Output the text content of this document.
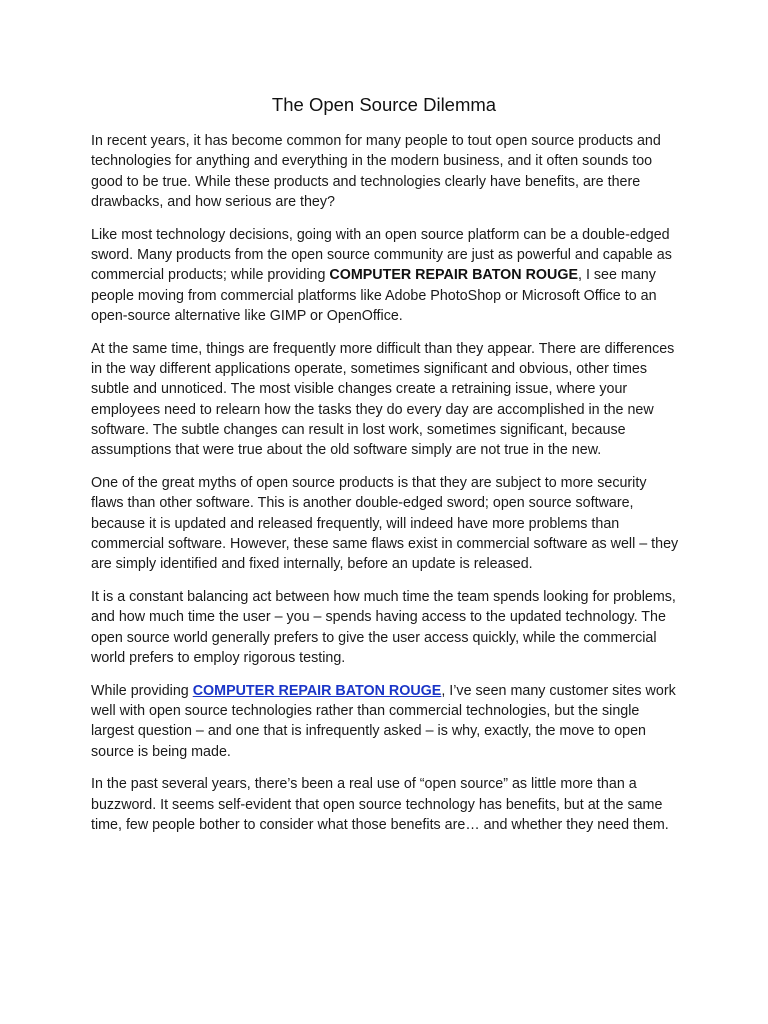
The Open Source Dilemma

In recent years, it has become common for many people to tout open source products and technologies for anything and everything in the modern business, and it often sounds too good to be true. While these products and technologies clearly have benefits, are there drawbacks, and how serious are they?

Like most technology decisions, going with an open source platform can be a double-edged sword. Many products from the open source community are just as powerful and capable as commercial products; while providing COMPUTER REPAIR BATON ROUGE, I see many people moving from commercial platforms like Adobe PhotoShop or Microsoft Office to an open-source alternative like GIMP or OpenOffice.

At the same time, things are frequently more difficult than they appear. There are differences in the way different applications operate, sometimes significant and obvious, other times subtle and unnoticed. The most visible changes create a retraining issue, where your employees need to relearn how the tasks they do every day are accomplished in the new software. The subtle changes can result in lost work, sometimes significant, because assumptions that were true about the old software simply are not true in the new.

One of the great myths of open source products is that they are subject to more security flaws than other software. This is another double-edged sword; open source software, because it is updated and released frequently, will indeed have more problems than commercial software. However, these same flaws exist in commercial software as well – they are simply identified and fixed internally, before an update is released.

It is a constant balancing act between how much time the team spends looking for problems, and how much time the user – you – spends having access to the updated technology. The open source world generally prefers to give the user access quickly, while the commercial world prefers to employ rigorous testing.

While providing COMPUTER REPAIR BATON ROUGE, I’ve seen many customer sites work well with open source technologies rather than commercial technologies, but the single largest question – and one that is infrequently asked – is why, exactly, the move to open source is being made.

In the past several years, there’s been a real use of “open source” as little more than a buzzword. It seems self-evident that open source technology has benefits, but at the same time, few people bother to consider what those benefits are… and whether they need them.
